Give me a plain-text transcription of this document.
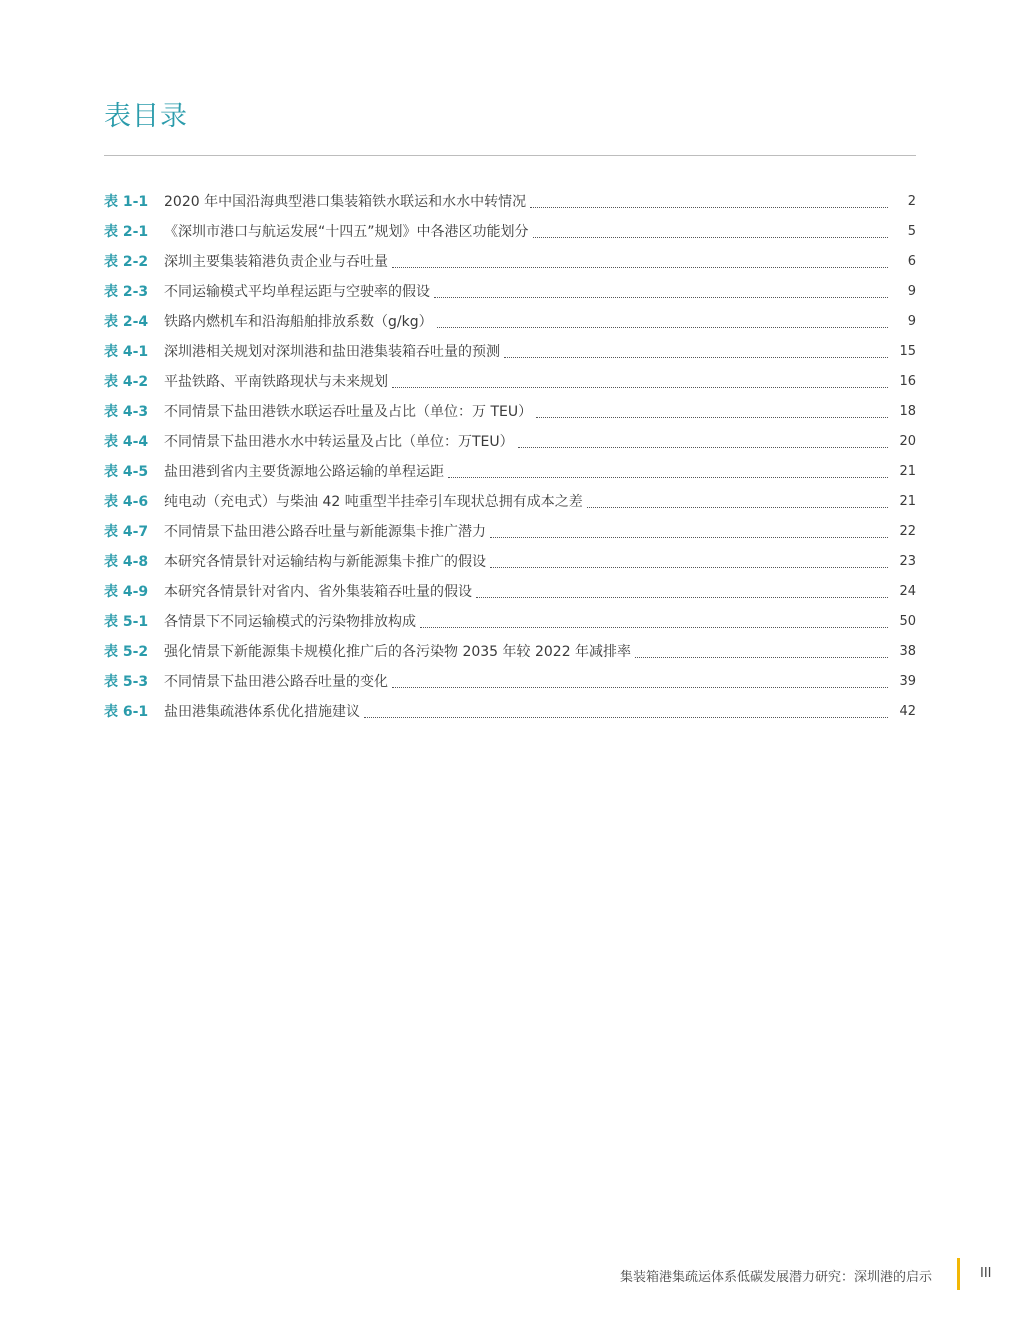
表目录
表 1-1	2020 年中国沿海典型港口集装箱铁水联运和水水中转情况	2
表 2-1	《深圳市港口与航运发展“十四五”规划》中各港区功能划分	5
表 2-2	深圳主要集装箱港负责企业与吞吐量	6
表 2-3	不同运输模式平均单程运距与空驶率的假设	9
表 2-4	铁路内燃机车和沿海船舶排放系数（g/kg）	9
表 4-1	深圳港相关规划对深圳港和盐田港集装箱吞吐量的预测	15
表 4-2	平盐铁路、平南铁路现状与未来规划	16
表 4-3	不同情景下盐田港铁水联运吞吐量及占比（单位：万 TEU）	18
表 4-4	不同情景下盐田港水水中转运量及占比（单位：万TEU）	20
表 4-5	盐田港到省内主要货源地公路运输的单程运距	21
表 4-6	纯电动（充电式）与柴油 42 吨重型半挂牵引车现状总拥有成本之差	21
表 4-7	不同情景下盐田港公路吞吐量与新能源集卡推广潜力	22
表 4-8	本研究各情景针对运输结构与新能源集卡推广的假设	23
表 4-9	本研究各情景针对省内、省外集装箱吞吐量的假设	24
表 5-1	各情景下不同运输模式的污染物排放构成	50
表 5-2	强化情景下新能源集卡规模化推广后的各污染物 2035 年较 2022 年减排率	38
表 5-3	不同情景下盐田港公路吞吐量的变化	39
表 6-1	盐田港集疏港体系优化措施建议	42
集装箱港集疏运体系低碳发展潜力研究：深圳港的启示	III
